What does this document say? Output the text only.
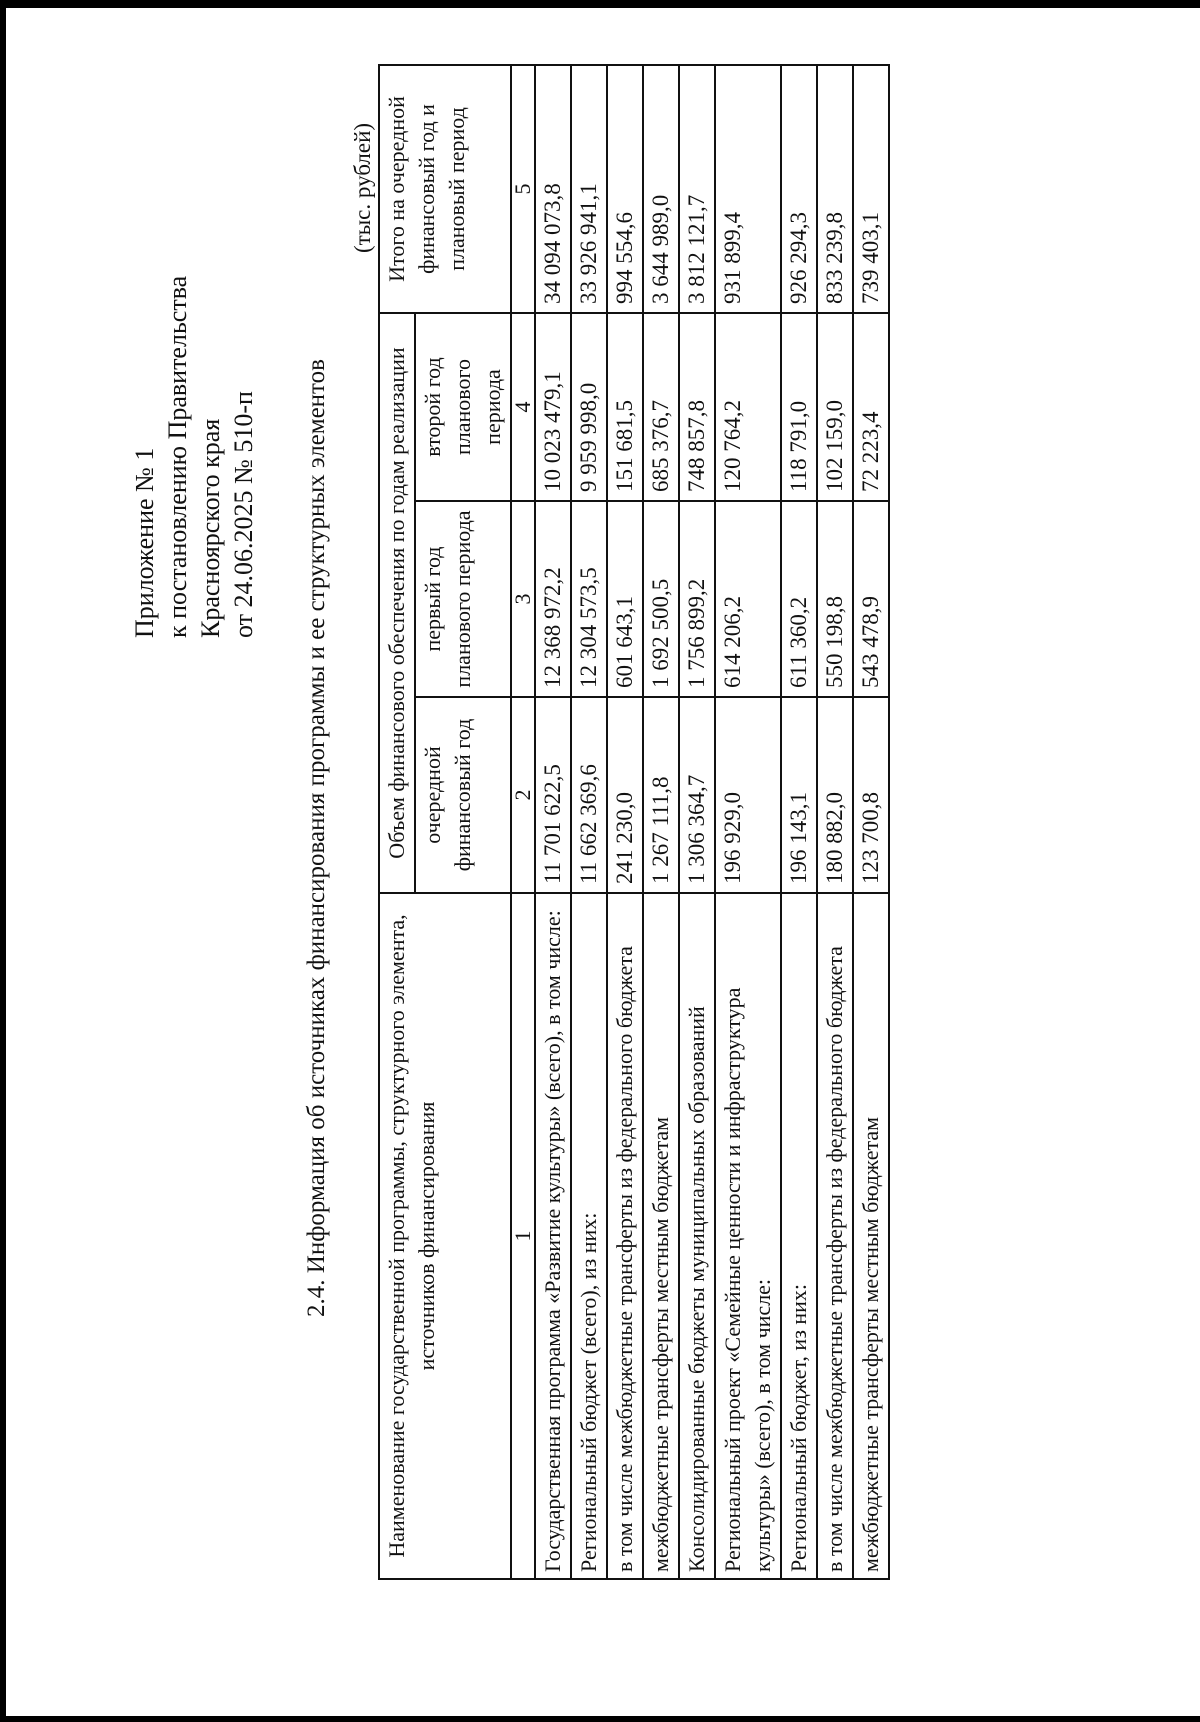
Приложение № 1 к постановлению Правительства Красноярского края от 24.06.2025 № 510-п 2.4. Информация об источниках финансирования программы и ее структурных элементов
(тыс. рублей)
Наименование государственной программы, структурного элемента, источников финансирования	Объем финансового обеспечения по годам реализации			Итого на очередной финансовый год и плановый период
	очередной финансовый год	первый год планового периода	второй год планового периода	
1	2	3	4	5
Государственная программа «Развитие культуры» (всего), в том числе:	11 701 622,5	12 368 972,2	10 023 479,1	34 094 073,8
Региональный бюджет (всего), из них:	11 662 369,6	12 304 573,5	9 959 998,0	33 926 941,1
в том числе межбюджетные трансферты из федерального бюджета	241 230,0	601 643,1	151 681,5	994 554,6
межбюджетные трансферты местным бюджетам	1 267 111,8	1 692 500,5	685 376,7	3 644 989,0
Консолидированные бюджеты муниципальных образований	1 306 364,7	1 756 899,2	748 857,8	3 812 121,7
Региональный проект «Семейные ценности и инфраструктура культуры» (всего), в том числе:	196 929,0	614 206,2	120 764,2	931 899,4
Региональный бюджет, из них:	196 143,1	611 360,2	118 791,0	926 294,3
в том числе межбюджетные трансферты из федерального бюджета	180 882,0	550 198,8	102 159,0	833 239,8
межбюджетные трансферты местным бюджетам	123 700,8	543 478,9	72 223,4	739 403,1
